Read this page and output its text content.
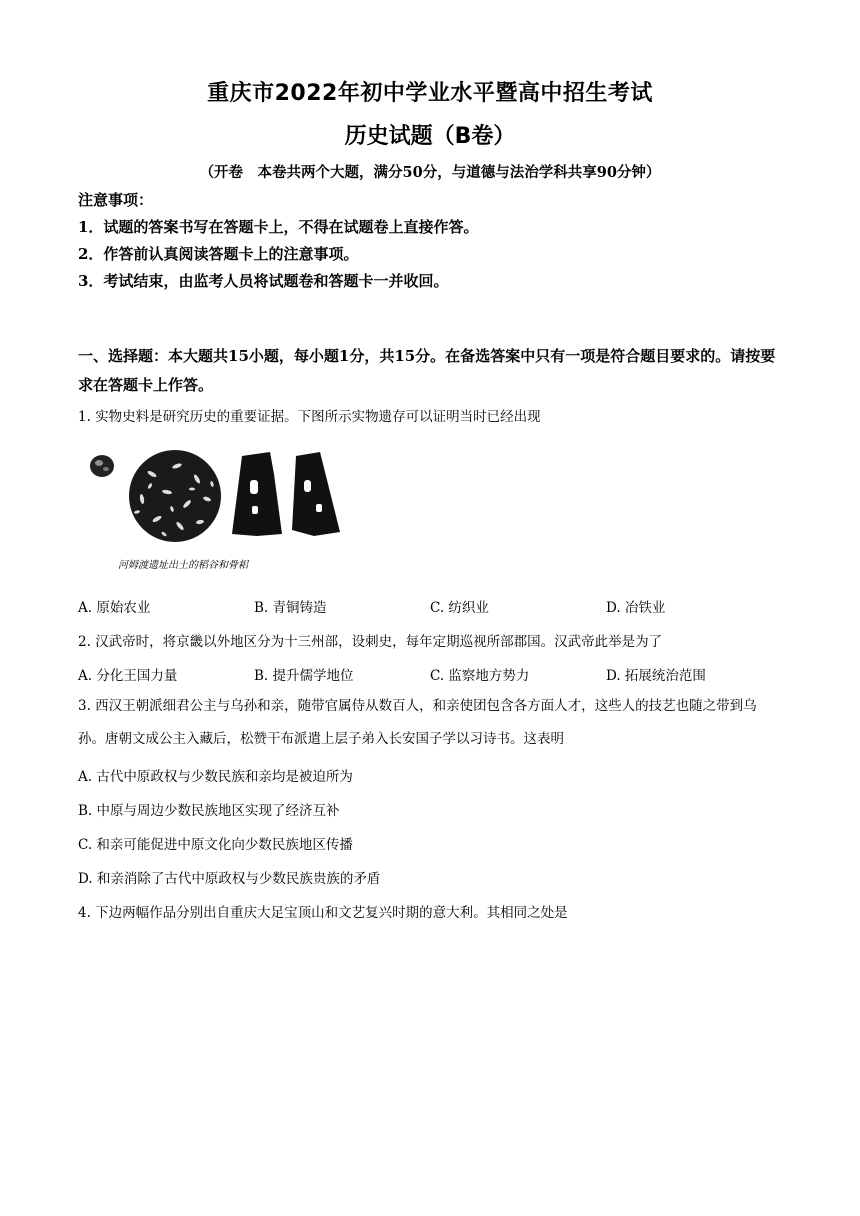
重庆市2022年初中学业水平暨高中招生考试
历史试题（B卷）
（开卷　本卷共两个大题，满分50分，与道德与法治学科共享90分钟）
注意事项：
1．试题的答案书写在答题卡上，不得在试题卷上直接作答。
2．作答前认真阅读答题卡上的注意事项。
3．考试结束，由监考人员将试题卷和答题卡一并收回。
一、选择题：本大题共15小题，每小题1分，共15分。在备选答案中只有一项是符合题目要求的。请按要求在答题卡上作答。
1. 实物史料是研究历史的重要证据。下图所示实物遗存可以证明当时已经出现
河姆渡遗址出土的稻谷和骨耜
A. 原始农业	B. 青铜铸造	C. 纺织业	D. 冶铁业
2. 汉武帝时，将京畿以外地区分为十三州部，设刺史，每年定期巡视所部郡国。汉武帝此举是为了
A. 分化王国力量	B. 提升儒学地位	C. 监察地方势力	D. 拓展统治范围
3. 西汉王朝派细君公主与乌孙和亲，随带官属侍从数百人，和亲使团包含各方面人才，这些人的技艺也随之带到乌孙。唐朝文成公主入藏后，松赞干布派遣上层子弟入长安国子学以习诗书。这表明
A. 古代中原政权与少数民族和亲均是被迫所为
B. 中原与周边少数民族地区实现了经济互补
C. 和亲可能促进中原文化向少数民族地区传播
D. 和亲消除了古代中原政权与少数民族贵族的矛盾
4. 下边两幅作品分别出自重庆大足宝顶山和文艺复兴时期的意大利。其相同之处是
